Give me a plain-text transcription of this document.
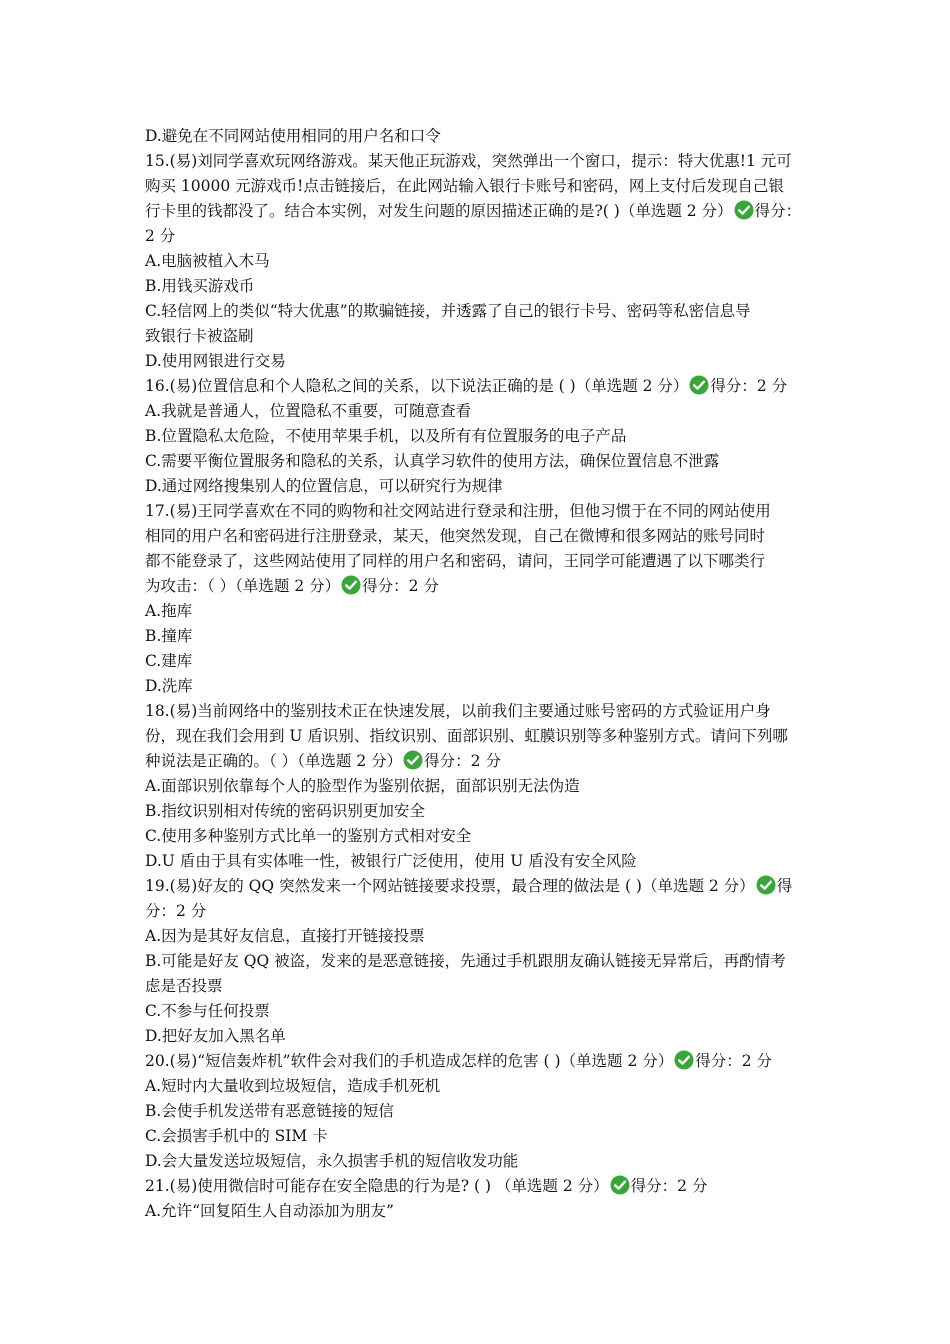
D.避免在不同网站使用相同的用户名和口令
15.(易)刘同学喜欢玩网络游戏。某天他正玩游戏，突然弹出一个窗口，提示：特大优惠!1 元可
购买 10000 元游戏币!点击链接后，在此网站输入银行卡账号和密码，网上支付后发现自己银
行卡里的钱都没了。结合本实例，对发生问题的原因描述正确的是?( )（单选题 2 分） 得分：
2 分
A.电脑被植入木马
B.用钱买游戏币
C.轻信网上的类似“特大优惠”的欺骗链接，并透露了自己的银行卡号、密码等私密信息导
致银行卡被盗刷
D.使用网银进行交易
16.(易)位置信息和个人隐私之间的关系，以下说法正确的是 ( )（单选题 2 分） 得分：2 分
A.我就是普通人，位置隐私不重要，可随意查看
B.位置隐私太危险，不使用苹果手机，以及所有有位置服务的电子产品
C.需要平衡位置服务和隐私的关系，认真学习软件的使用方法，确保位置信息不泄露
D.通过网络搜集别人的位置信息，可以研究行为规律
17.(易)王同学喜欢在不同的购物和社交网站进行登录和注册，但他习惯于在不同的网站使用
相同的用户名和密码进行注册登录，某天，他突然发现，自己在微博和很多网站的账号同时
都不能登录了，这些网站使用了同样的用户名和密码，请问，王同学可能遭遇了以下哪类行
为攻击：（ ）（单选题 2 分） 得分：2 分
A.拖库
B.撞库
C.建库
D.洗库
18.(易)当前网络中的鉴别技术正在快速发展，以前我们主要通过账号密码的方式验证用户身
份，现在我们会用到 U 盾识别、指纹识别、面部识别、虹膜识别等多种鉴别方式。请问下列哪
种说法是正确的。（ ）（单选题 2 分） 得分：2 分
A.面部识别依靠每个人的脸型作为鉴别依据，面部识别无法伪造
B.指纹识别相对传统的密码识别更加安全
C.使用多种鉴别方式比单一的鉴别方式相对安全
D.U 盾由于具有实体唯一性，被银行广泛使用，使用 U 盾没有安全风险
19.(易)好友的 QQ 突然发来一个网站链接要求投票，最合理的做法是 ( )（单选题 2 分） 得
分：2 分
A.因为是其好友信息，直接打开链接投票
B.可能是好友 QQ 被盗，发来的是恶意链接，先通过手机跟朋友确认链接无异常后，再酌情考
虑是否投票
C.不参与任何投票
D.把好友加入黑名单
20.(易)“短信轰炸机”软件会对我们的手机造成怎样的危害 ( )（单选题 2 分） 得分：2 分
A.短时内大量收到垃圾短信，造成手机死机
B.会使手机发送带有恶意链接的短信
C.会损害手机中的 SIM 卡
D.会大量发送垃圾短信，永久损害手机的短信收发功能
21.(易)使用微信时可能存在安全隐患的行为是? ( ) （单选题 2 分） 得分：2 分
A.允许“回复陌生人自动添加为朋友”
